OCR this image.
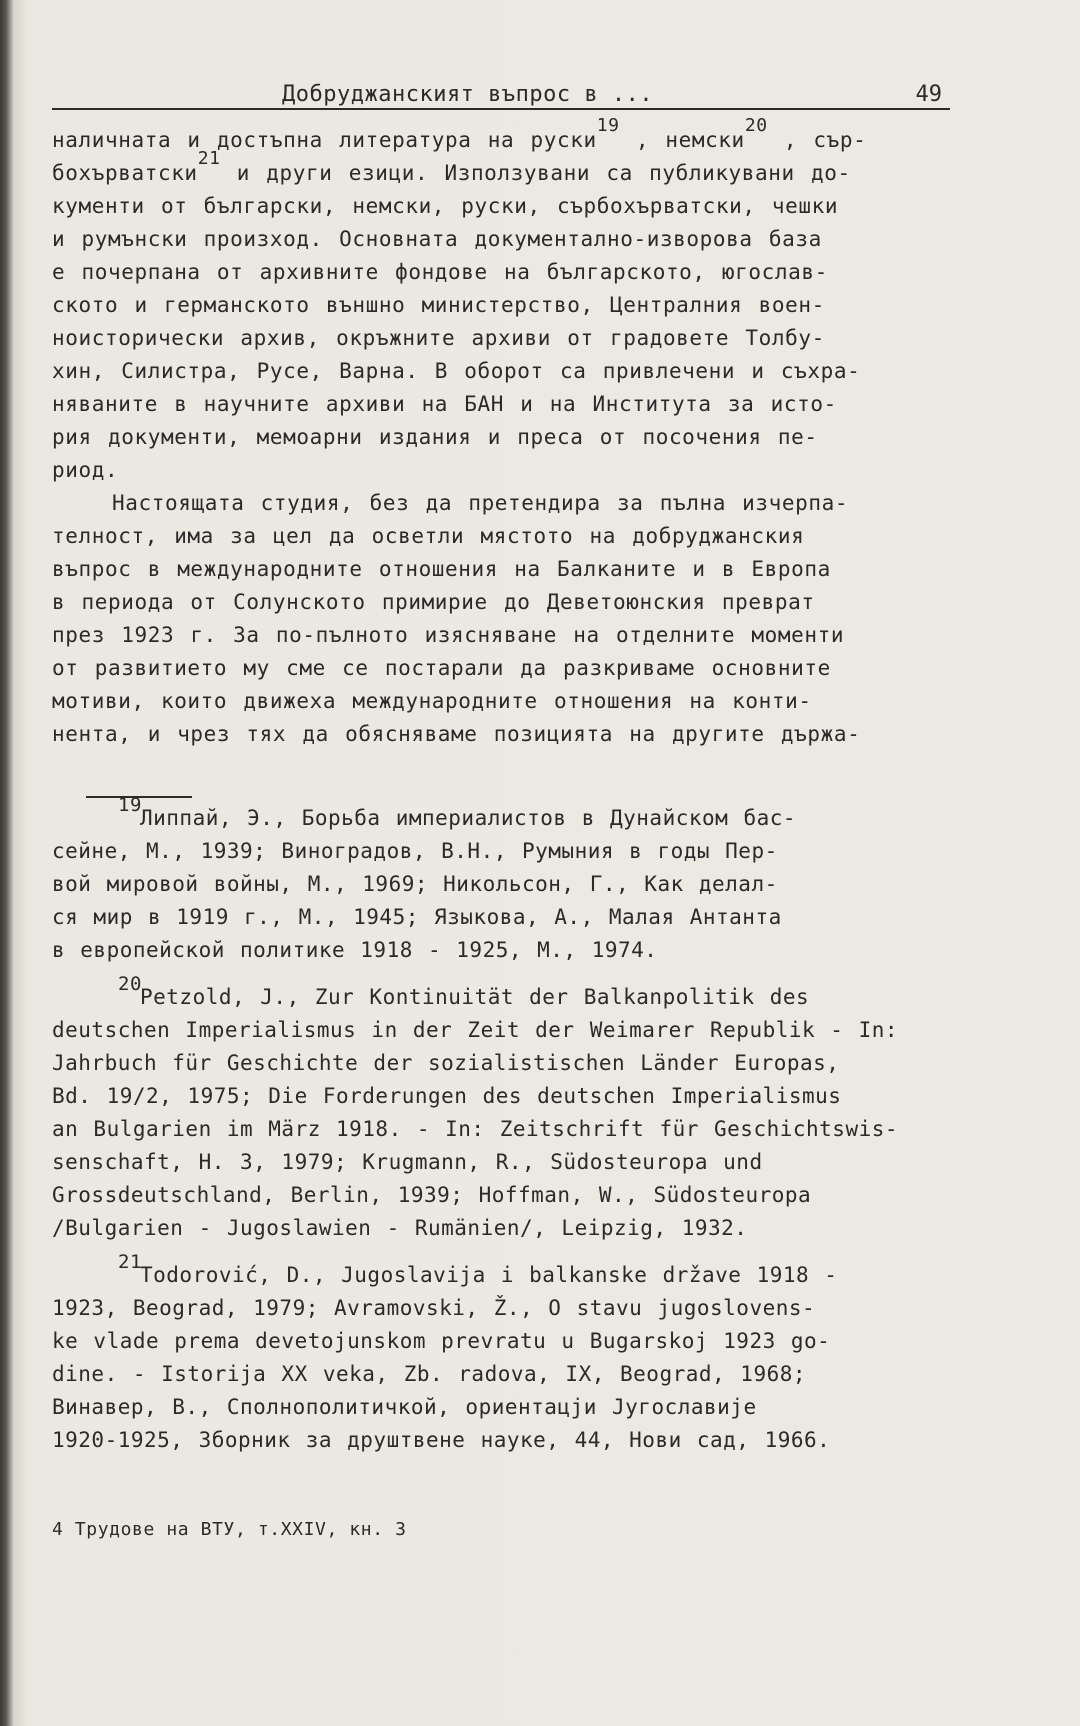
Добруджанският въпрос в ...	49
наличната и достъпна литература на руски19 , немски20 , сър-
бохърватски21 и други езици. Използувани са публикувани до-
кументи от български, немски, руски, сърбохърватски, чешки
и румънски произход. Основната документално-изворова база
е почерпана от архивните фондове на българското, югослав-
ското и германското външно министерство, Централния воен-
ноисторически архив, окръжните архиви от градовете Толбу-
хин, Силистра, Русе, Варна. В оборот са привлечени и съхра-
няваните в научните архиви на БАН и на Института за исто-
рия документи, мемоарни издания и преса от посочения пе-
риод.
Настоящата студия, без да претендира за пълна изчерпа-
телност, има за цел да осветли мястото на добруджанския
въпрос в международните отношения на Балканите и в Европа
в периода от Солунското примирие до Деветоюнския преврат
през 1923 г. За по-пълното изясняване на отделните моменти
от развитието му сме се постарали да разкриваме основните
мотиви, които движеха международните отношения на конти-
нента, и чрез тях да обясняваме позицията на другите държа-
19
Липпай, Э., Борьба империалистов в Дунайском бас-
сейне, М., 1939; Виноградов, В.Н., Румыния в годы Пер-
вой мировой войны, М., 1969; Никольсон, Г., Как делал-
ся мир в 1919 г., М., 1945; Языкова, А., Малая Антанта
в европейской политике 1918 - 1925, М., 1974.
20
Petzold, J., Zur Kontinuität der Balkanpolitik des
deutschen Imperialismus in der Zeit der Weimarer Republik - In:
Jahrbuch für Geschichte der sozialistischen Länder Europas,
Bd. 19/2, 1975; Die Forderungen des deutschen Imperialismus
an Bulgarien im März 1918. - In: Zeitschrift für Geschichtswis-
senschaft, H. 3, 1979; Krugmann, R., Südosteuropa und
Grossdeutschland, Berlin, 1939; Hoffman, W., Südosteuropa
/Bulgarien - Jugoslawien - Rumänien/, Leipzig, 1932.
21
Todorović, D., Jugoslavija i balkanske države 1918 -
1923, Beograd, 1979; Avramovski, Ž., O stavu jugoslovens-
ke vlade prema devetojunskom prevratu u Bugarskoj 1923 go-
dine. - Istorija XX veka, Zb. radova, IX, Beograd, 1968;
Винавер, В., Сполнополитичкой, ориентацји Југославије
1920-1925, Зборник за друштвене науке, 44, Нови сад, 1966.
4 Трудове на ВТУ, т.XXIV, кн. 3
